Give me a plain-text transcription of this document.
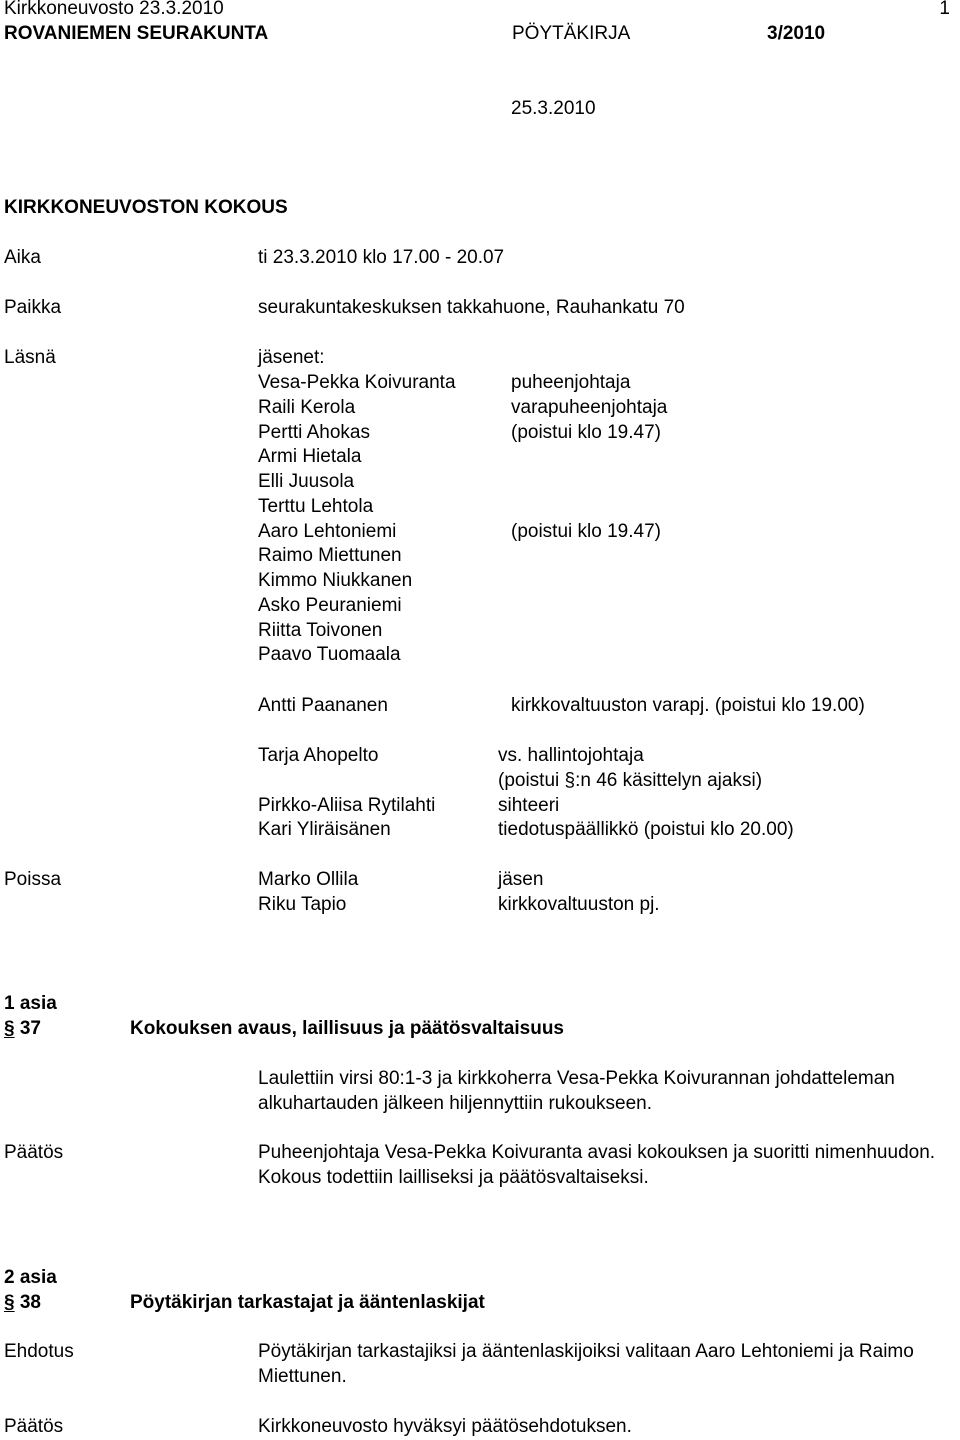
Kirkkoneuvosto 23.3.2010	1
ROVANIEMEN SEURAKUNTA	PÖYTÄKIRJA	3/2010
25.3.2010
KIRKKONEUVOSTON KOKOUS
Aika	ti 23.3.2010 klo 17.00 - 20.07
Paikka	seurakuntakeskuksen takkahuone, Rauhankatu 70
Läsnä	jäsenet:
Vesa-Pekka Koivuranta	puheenjohtaja
Raili Kerola	varapuheenjohtaja
Pertti Ahokas	(poistui klo 19.47)
Armi Hietala
Elli Juusola
Terttu Lehtola
Aaro Lehtoniemi	(poistui klo 19.47)
Raimo Miettunen
Kimmo Niukkanen
Asko Peuraniemi
Riitta Toivonen
Paavo Tuomaala
Antti Paananen	kirkkovaltuuston varapj. (poistui klo 19.00)
Tarja Ahopelto	vs. hallintojohtaja
(poistui §:n 46 käsittelyn ajaksi)
Pirkko-Aliisa Rytilahti	sihteeri
Kari Yliräisänen	tiedotuspäällikkö (poistui klo 20.00)
Poissa	Marko Ollila	jäsen
Riku Tapio	kirkkovaltuuston pj.
1 asia
§ 37	Kokouksen avaus, laillisuus ja päätösvaltaisuus
Laulettiin virsi 80:1-3 ja kirkkoherra Vesa-Pekka Koivurannan johdatteleman alkuhartauden jälkeen hiljennyttiin rukoukseen.
Päätös	Puheenjohtaja Vesa-Pekka Koivuranta avasi kokouksen ja suoritti nimenhuudon. Kokous todettiin lailliseksi ja päätösvaltaiseksi.
2 asia
§ 38	Pöytäkirjan tarkastajat ja ääntenlaskijat
Ehdotus	Pöytäkirjan tarkastajiksi ja ääntenlaskijoiksi valitaan Aaro Lehtoniemi ja Raimo Miettunen.
Päätös	Kirkkoneuvosto hyväksyi päätösehdotuksen.
